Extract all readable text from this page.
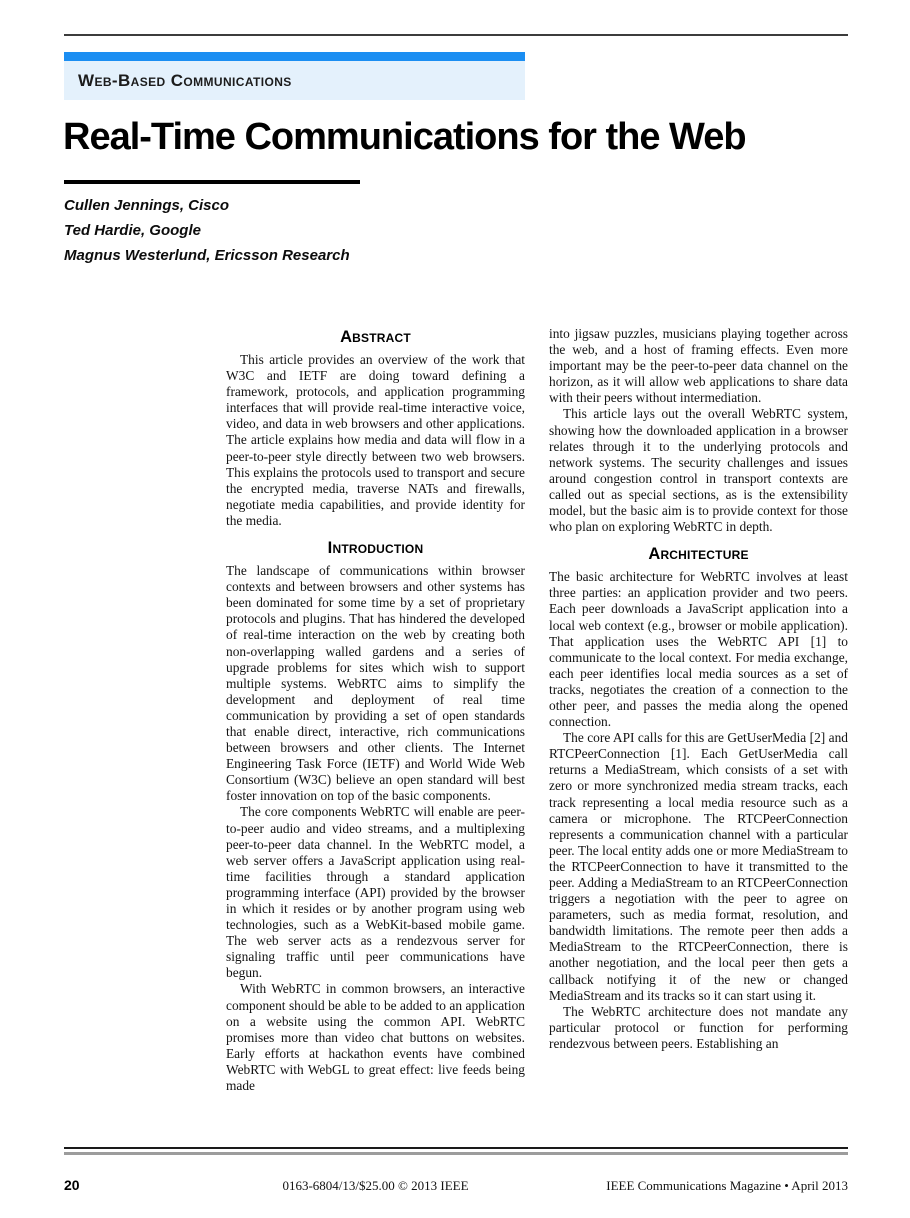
Web-Based Communications
Real-Time Communications for the Web
Cullen Jennings, Cisco
Ted Hardie, Google
Magnus Westerlund, Ericsson Research
Abstract

This article provides an overview of the work that W3C and IETF are doing toward defining a framework, protocols, and application programming interfaces that will provide real-time interactive voice, video, and data in web browsers and other applications. The article explains how media and data will flow in a peer-to-peer style directly between two web browsers. This explains the protocols used to transport and secure the encrypted media, traverse NATs and firewalls, negotiate media capabilities, and provide identity for the media.

Introduction

The landscape of communications within browser contexts and between browsers and other systems has been dominated for some time by a set of proprietary protocols and plugins. That has hindered the developed of real-time interaction on the web by creating both non-overlapping walled gardens and a series of upgrade problems for sites which wish to support multiple systems. WebRTC aims to simplify the development and deployment of real time communication by providing a set of open standards that enable direct, interactive, rich communications between browsers and other clients. The Internet Engineering Task Force (IETF) and World Wide Web Consortium (W3C) believe an open standard will best foster innovation on top of the basic components.

The core components WebRTC will enable are peer-to-peer audio and video streams, and a multiplexing peer-to-peer data channel. In the WebRTC model, a web server offers a JavaScript application using real-time facilities through a standard application programming interface (API) provided by the browser in which it resides or by another program using web technologies, such as a WebKit-based mobile game. The web server acts as a rendezvous server for signaling traffic until peer communications have begun.

With WebRTC in common browsers, an interactive component should be able to be added to an application on a website using the common API. WebRTC promises more than video chat buttons on websites. Early efforts at hackathon events have combined WebRTC with WebGL to great effect: live feeds being made

into jigsaw puzzles, musicians playing together across the web, and a host of framing effects. Even more important may be the peer-to-peer data channel on the horizon, as it will allow web applications to share data with their peers without intermediation.

This article lays out the overall WebRTC system, showing how the downloaded application in a browser relates through it to the underlying protocols and network systems. The security challenges and issues around congestion control in transport contexts are called out as special sections, as is the extensibility model, but the basic aim is to provide context for those who plan on exploring WebRTC in depth.

Architecture

The basic architecture for WebRTC involves at least three parties: an application provider and two peers. Each peer downloads a JavaScript application into a local web context (e.g., browser or mobile application). That application uses the WebRTC API [1] to communicate to the local context. For media exchange, each peer identifies local media sources as a set of tracks, negotiates the creation of a connection to the other peer, and passes the media along the opened connection.

The core API calls for this are GetUserMedia [2] and RTCPeerConnection [1]. Each GetUserMedia call returns a MediaStream, which consists of a set with zero or more synchronized media stream tracks, each track representing a local media resource such as a camera or microphone. The RTCPeerConnection represents a communication channel with a particular peer. The local entity adds one or more MediaStream to the RTCPeerConnection to have it transmitted to the peer. Adding a MediaStream to an RTCPeerConnection triggers a negotiation with the peer to agree on parameters, such as media format, resolution, and bandwidth limitations. The remote peer then adds a MediaStream to the RTCPeerConnection, there is another negotiation, and the local peer then gets a callback notifying it of the new or changed MediaStream and its tracks so it can start using it.

The WebRTC architecture does not mandate any particular protocol or function for performing rendezvous between peers. Establishing an

20	0163-6804/13/$25.00 © 2013 IEEE	IEEE Communications Magazine • April 2013
